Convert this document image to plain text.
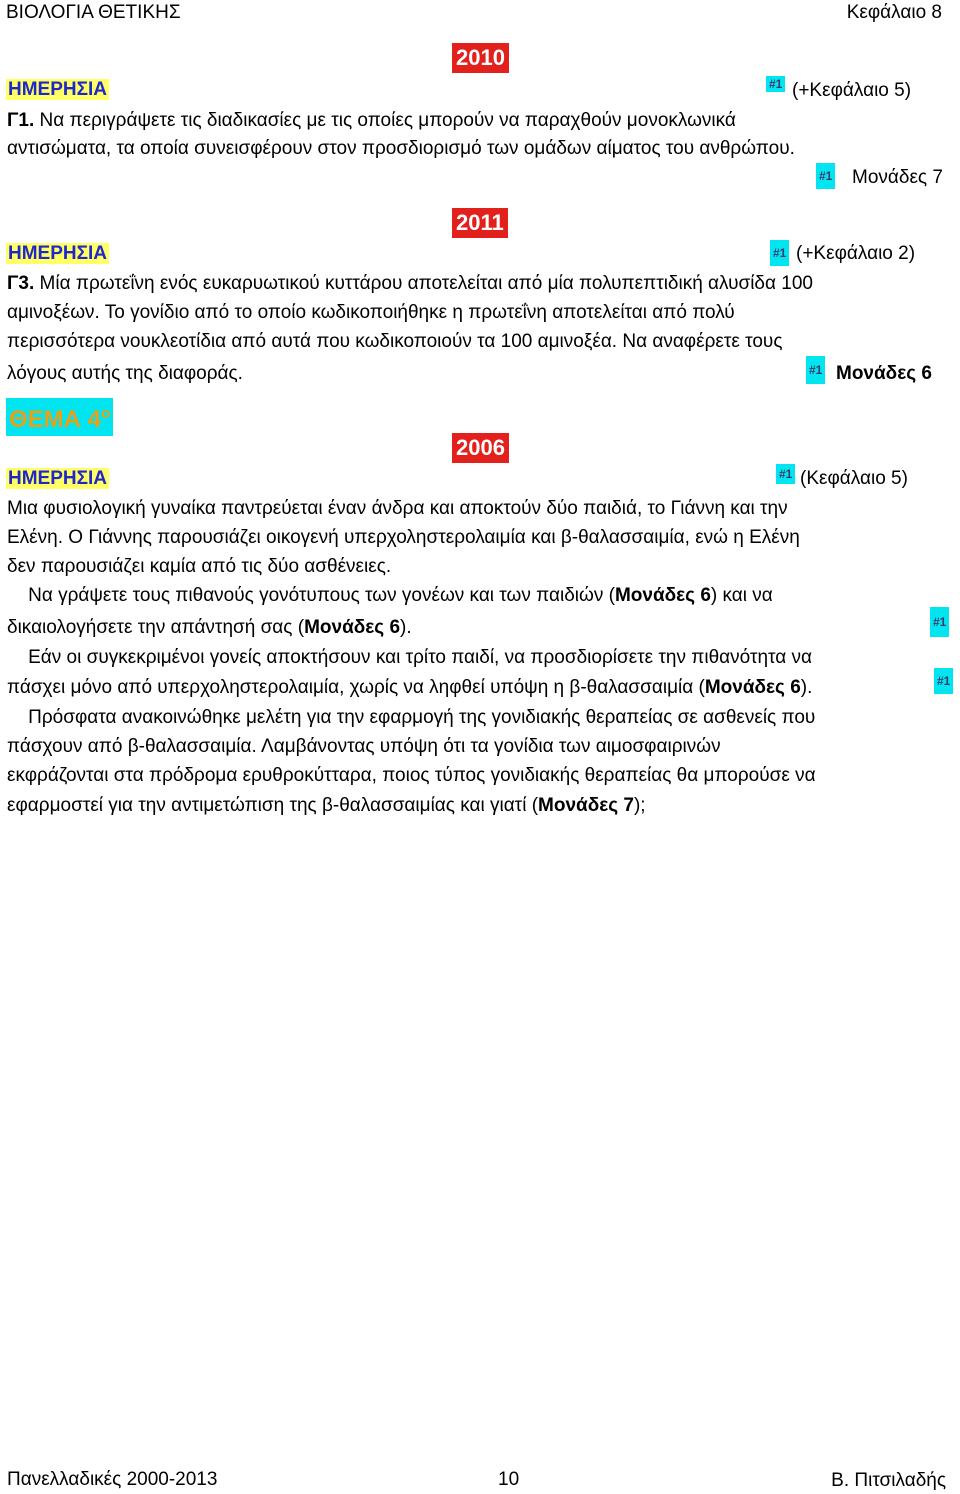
ΒΙΟΛΟΓΙΑ ΘΕΤΙΚΗΣ	Κεφάλαιο 8
2010
ΗΜΕΡΗΣΙΑ	#1 (+Κεφάλαιο 5)
Γ1. Να περιγράψετε τις διαδικασίες με τις οποίες μπορούν να παραχθούν μονοκλωνικά
αντισώματα, τα οποία συνεισφέρουν στον προσδιορισμό των ομάδων αίματος του ανθρώπου.
#1 Μονάδες 7
2011
ΗΜΕΡΗΣΙΑ	#1 (+Κεφάλαιο 2)
Γ3. Μία πρωτεΐνη ενός ευκαρυωτικού κυττάρου αποτελείται από μία πολυπεπτιδική αλυσίδα 100
αμινοξέων. Το γονίδιο από το οποίο κωδικοποιήθηκε η πρωτεΐνη αποτελείται από πολύ
περισσότερα νουκλεοτίδια από αυτά που κωδικοποιούν τα 100 αμινοξέα. Να αναφέρετε τους
λόγους αυτής της διαφοράς.	#1 Μονάδες 6
ΘΕΜΑ $4^o$
2006
ΗΜΕΡΗΣΙΑ	#1 (Κεφάλαιο 5)
Μια φυσιολογική γυναίκα παντρεύεται έναν άνδρα και αποκτούν δύο παιδιά, το Γιάννη και την
Ελένη. Ο Γιάννης παρουσιάζει οικογενή υπερχοληστερολαιμία και β-θαλασσαιμία, ενώ η Ελένη
δεν παρουσιάζει καμία από τις δύο ασθένειες.
Να γράψετε τους πιθανούς γονότυπους των γονέων και των παιδιών (Μονάδες 6) και να
δικαιολογήσετε την απάντησή σας (Μονάδες 6).	#1
Εάν οι συγκεκριμένοι γονείς αποκτήσουν και τρίτο παιδί, να προσδιορίσετε την πιθανότητα να
πάσχει μόνο από υπερχοληστερολαιμία, χωρίς να ληφθεί υπόψη η β-θαλασσαιμία (Μονάδες 6).	#1
Πρόσφατα ανακοινώθηκε μελέτη για την εφαρμογή της γονιδιακής θεραπείας σε ασθενείς που
πάσχουν από β-θαλασσαιμία. Λαμβάνοντας υπόψη ότι τα γονίδια των αιμοσφαιρινών
εκφράζονται στα πρόδρομα ερυθροκύτταρα, ποιος τύπος γονιδιακής θεραπείας θα μπορούσε να
εφαρμοστεί για την αντιμετώπιση της β-θαλασσαιμίας και γιατί (Μονάδες 7);
Πανελλαδικές 2000-2013	10	Β. Πιτσιλαδής
